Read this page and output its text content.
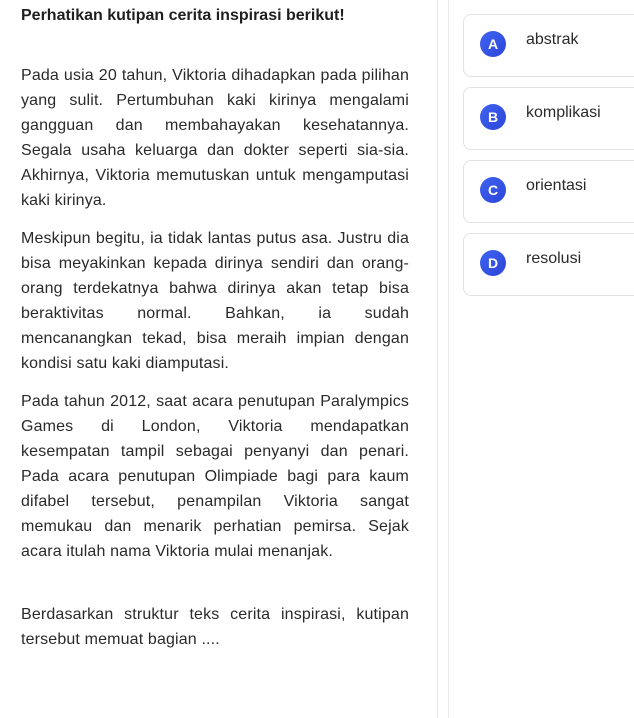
Perhatikan kutipan cerita inspirasi berikut!

Pada usia 20 tahun, Viktoria dihadapkan pada pilihan yang sulit. Pertumbuhan kaki kirinya mengalami gangguan dan membahayakan kesehatannya. Segala usaha keluarga dan dokter seperti sia-sia. Akhirnya, Viktoria memutuskan untuk mengamputasi kaki kirinya.

Meskipun begitu, ia tidak lantas putus asa. Justru dia bisa meyakinkan kepada dirinya sendiri dan orang-orang terdekatnya bahwa dirinya akan tetap bisa beraktivitas normal. Bahkan, ia sudah mencanangkan tekad, bisa meraih impian dengan kondisi satu kaki diamputasi.

Pada tahun 2012, saat acara penutupan Paralympics Games di London, Viktoria mendapatkan kesempatan tampil sebagai penyanyi dan penari. Pada acara penutupan Olimpiade bagi para kaum difabel tersebut, penampilan Viktoria sangat memukau dan menarik perhatian pemirsa. Sejak acara itulah nama Viktoria mulai menanjak.

Berdasarkan struktur teks cerita inspirasi, kutipan tersebut memuat bagian ....

A	abstrak
B	komplikasi
C	orientasi
D	resolusi
